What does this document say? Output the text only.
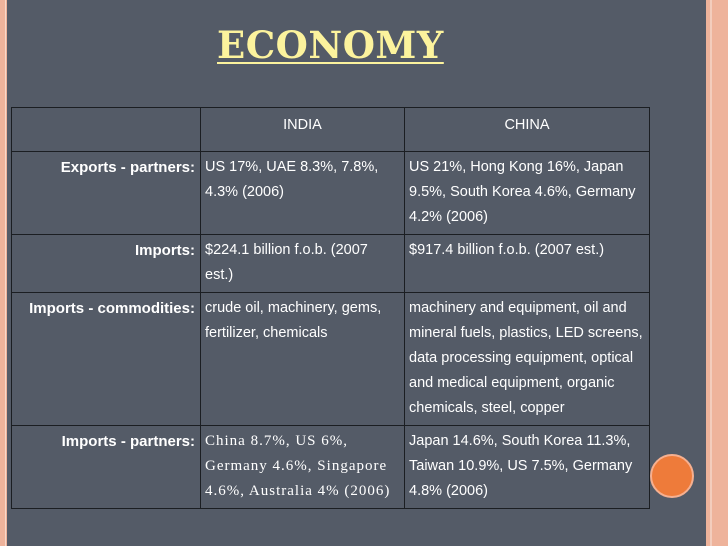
ECONOMY
	INDIA	CHINA
Exports - partners:	US 17%, UAE 8.3%, 7.8%, 4.3% (2006)	US 21%, Hong Kong 16%, Japan 9.5%, South Korea 4.6%, Germany 4.2% (2006)
Imports:	$224.1 billion f.o.b. (2007 est.)	$917.4 billion f.o.b. (2007 est.)
Imports - commodities:	crude oil, machinery, gems, fertilizer, chemicals	machinery and equipment, oil and mineral fuels, plastics, LED screens, data processing equipment, optical and medical equipment, organic chemicals, steel, copper
Imports - partners:	China 8.7%, US 6%, Germany 4.6%, Singapore 4.6%, Australia 4% (2006)	Japan 14.6%, South Korea 11.3%, Taiwan 10.9%, US 7.5%, Germany 4.8% (2006)
